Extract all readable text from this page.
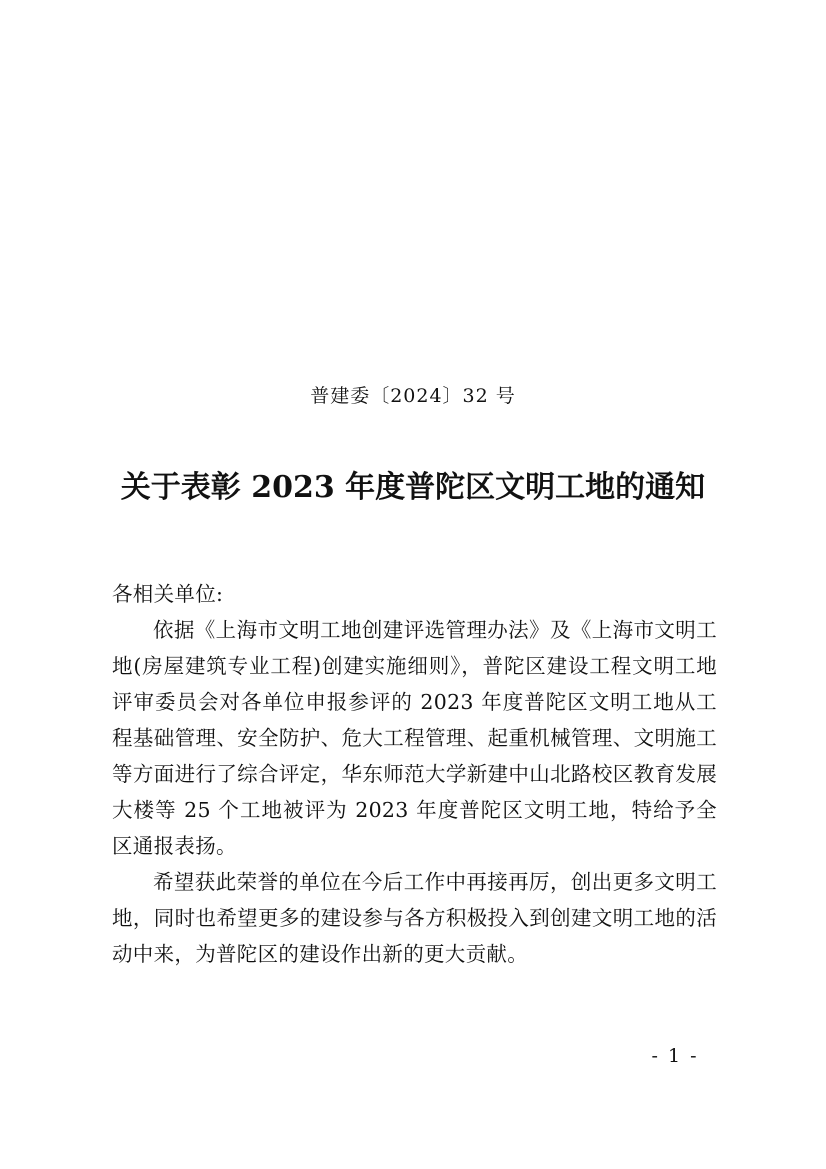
普建委〔2024〕32 号
关于表彰 2023 年度普陀区文明工地的通知

各相关单位:

依据《上海市文明工地创建评选管理办法》及《上海市文明工地(房屋建筑专业工程)创建实施细则》，普陀区建设工程文明工地评审委员会对各单位申报参评的 2023 年度普陀区文明工地从工程基础管理、安全防护、危大工程管理、起重机械管理、文明施工等方面进行了综合评定，华东师范大学新建中山北路校区教育发展大楼等 25 个工地被评为 2023 年度普陀区文明工地，特给予全区通报表扬。

希望获此荣誉的单位在今后工作中再接再厉，创出更多文明工地，同时也希望更多的建设参与各方积极投入到创建文明工地的活动中来，为普陀区的建设作出新的更大贡献。

- 1 -
